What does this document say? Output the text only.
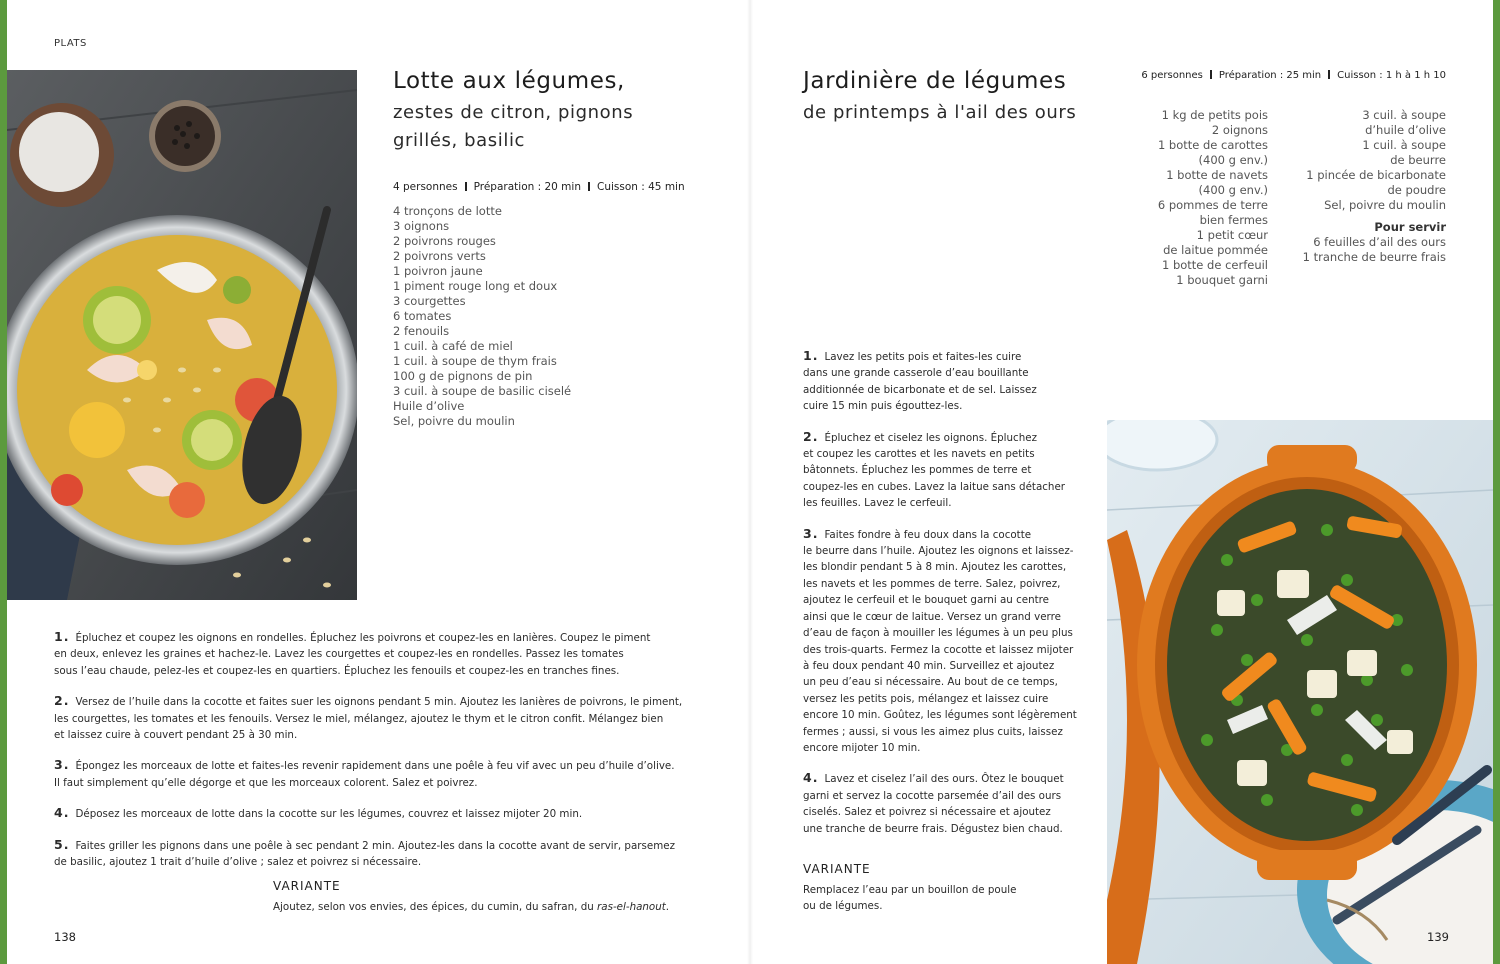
PLATS
Lotte aux légumes,
zestes de citron, pignons
grillés, basilic
4 personnes Préparation : 20 min Cuisson : 45 min
4 tronçons de lotte
3 oignons
2 poivrons rouges
2 poivrons verts
1 poivron jaune
1 piment rouge long et doux
3 courgettes
6 tomates
2 fenouils
1 cuil. à café de miel
1 cuil. à soupe de thym frais
100 g de pignons de pin
3 cuil. à soupe de basilic ciselé
Huile d’olive
Sel, poivre du moulin
1. Épluchez et coupez les oignons en rondelles. Épluchez les poivrons et coupez-les en lanières. Coupez le piment
en deux, enlevez les graines et hachez-le. Lavez les courgettes et coupez-les en rondelles. Passez les tomates
sous l’eau chaude, pelez-les et coupez-les en quartiers. Épluchez les fenouils et coupez-les en tranches fines.
2. Versez de l’huile dans la cocotte et faites suer les oignons pendant 5 min. Ajoutez les lanières de poivrons, le piment,
les courgettes, les tomates et les fenouils. Versez le miel, mélangez, ajoutez le thym et le citron confit. Mélangez bien
et laissez cuire à couvert pendant 25 à 30 min.
3. Épongez les morceaux de lotte et faites-les revenir rapidement dans une poêle à feu vif avec un peu d’huile d’olive.
Il faut simplement qu’elle dégorge et que les morceaux colorent. Salez et poivrez.
4. Déposez les morceaux de lotte dans la cocotte sur les légumes, couvrez et laissez mijoter 20 min.
5. Faites griller les pignons dans une poêle à sec pendant 2 min. Ajoutez-les dans la cocotte avant de servir, parsemez
de basilic, ajoutez 1 trait d’huile d’olive ; salez et poivrez si nécessaire.
VARIANTE
Ajoutez, selon vos envies, des épices, du cumin, du safran, du ras-el-hanout.
138
Jardinière de légumes
de printemps à l'ail des ours
6 personnes Préparation : 25 min Cuisson : 1 h à 1 h 10
1 kg de petits pois
2 oignons
1 botte de carottes
(400 g env.)
1 botte de navets
(400 g env.)
6 pommes de terre
bien fermes
1 petit cœur
de laitue pommée
1 botte de cerfeuil
1 bouquet garni
3 cuil. à soupe
d’huile d’olive
1 cuil. à soupe
de beurre
1 pincée de bicarbonate
de poudre
Sel, poivre du moulin
Pour servir
6 feuilles d’ail des ours
1 tranche de beurre frais
1. Lavez les petits pois et faites-les cuire
dans une grande casserole d’eau bouillante
additionnée de bicarbonate et de sel. Laissez
cuire 15 min puis égouttez-les.
2. Épluchez et ciselez les oignons. Épluchez
et coupez les carottes et les navets en petits
bâtonnets. Épluchez les pommes de terre et
coupez-les en cubes. Lavez la laitue sans détacher
les feuilles. Lavez le cerfeuil.
3. Faites fondre à feu doux dans la cocotte
le beurre dans l’huile. Ajoutez les oignons et laissez-
les blondir pendant 5 à 8 min. Ajoutez les carottes,
les navets et les pommes de terre. Salez, poivrez,
ajoutez le cerfeuil et le bouquet garni au centre
ainsi que le cœur de laitue. Versez un grand verre
d’eau de façon à mouiller les légumes à un peu plus
des trois-quarts. Fermez la cocotte et laissez mijoter
à feu doux pendant 40 min. Surveillez et ajoutez
un peu d’eau si nécessaire. Au bout de ce temps,
versez les petits pois, mélangez et laissez cuire
encore 10 min. Goûtez, les légumes sont légèrement
fermes ; aussi, si vous les aimez plus cuits, laissez
encore mijoter 10 min.
4. Lavez et ciselez l’ail des ours. Ôtez le bouquet
garni et servez la cocotte parsemée d’ail des ours
ciselés. Salez et poivrez si nécessaire et ajoutez
une tranche de beurre frais. Dégustez bien chaud.
VARIANTE
Remplacez l’eau par un bouillon de poule
ou de légumes.
139
